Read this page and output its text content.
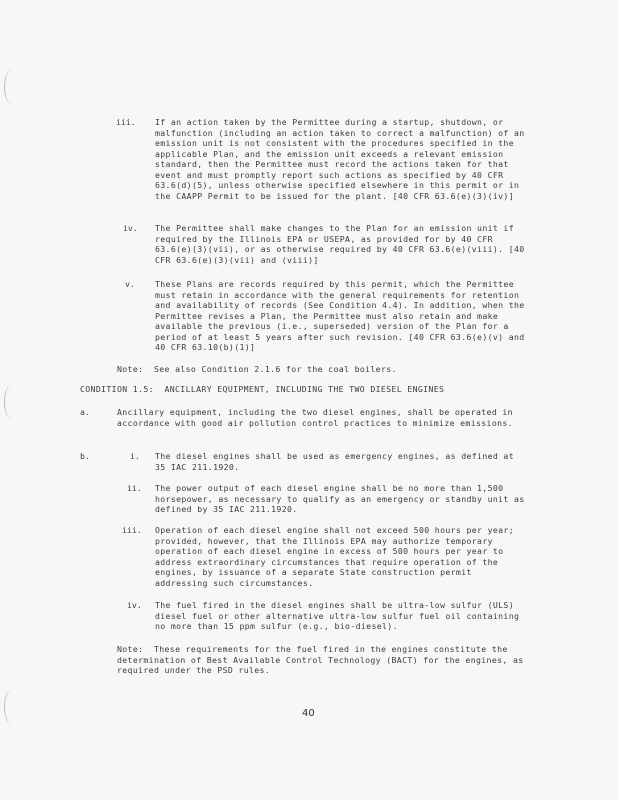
iii. If an action taken by the Permittee during a startup, shutdown, or malfunction (including an action taken to correct a malfunction) of an emission unit is not consistent with the procedures specified in the applicable Plan, and the emission unit exceeds a relevant emission standard, then the Permittee must record the actions taken for that event and must promptly report such actions as specified by 40 CFR 63.6(d)(5), unless otherwise specified elsewhere in this permit or in the CAAPP Permit to be issued for the plant. [40 CFR 63.6(e)(3)(iv)]

iv. The Permittee shall make changes to the Plan for an emission unit if required by the Illinois EPA or USEPA, as provided for by 40 CFR 63.6(e)(3)(vii), or as otherwise required by 40 CFR 63.6(e)(viii). [40 CFR 63.6(e)(3)(vii) and (viii)]

v. These Plans are records required by this permit, which the Permittee must retain in accordance with the general requirements for retention and availability of records (See Condition 4.4). In addition, when the Permittee revises a Plan, the Permittee must also retain and make available the previous (i.e., superseded) version of the Plan for a period of at least 5 years after such revision. [40 CFR 63.6(e)(v) and 40 CFR 63.10(b)(1)]

Note:  See also Condition 2.1.6 for the coal boilers.

CONDITION 1.5:  ANCILLARY EQUIPMENT, INCLUDING THE TWO DIESEL ENGINES

a.	Ancillary equipment, including the two diesel engines, shall be operated in accordance with good air pollution control practices to minimize emissions.

b.	i. The diesel engines shall be used as emergency engines, as defined at 35 IAC 211.1920.

ii. The power output of each diesel engine shall be no more than 1,500 horsepower, as necessary to qualify as an emergency or standby unit as defined by 35 IAC 211.1920.

iii. Operation of each diesel engine shall not exceed 500 hours per year; provided, however, that the Illinois EPA may authorize temporary operation of each diesel engine in excess of 500 hours per year to address extraordinary circumstances that require operation of the engines, by issuance of a separate State construction permit addressing such circumstances.

iv. The fuel fired in the diesel engines shall be ultra-low sulfur (ULS) diesel fuel or other alternative ultra-low sulfur fuel oil containing no more than 15 ppm sulfur (e.g., bio-diesel).

Note:  These requirements for the fuel fired in the engines constitute the determination of Best Available Control Technology (BACT) for the engines, as required under the PSD rules.

40
